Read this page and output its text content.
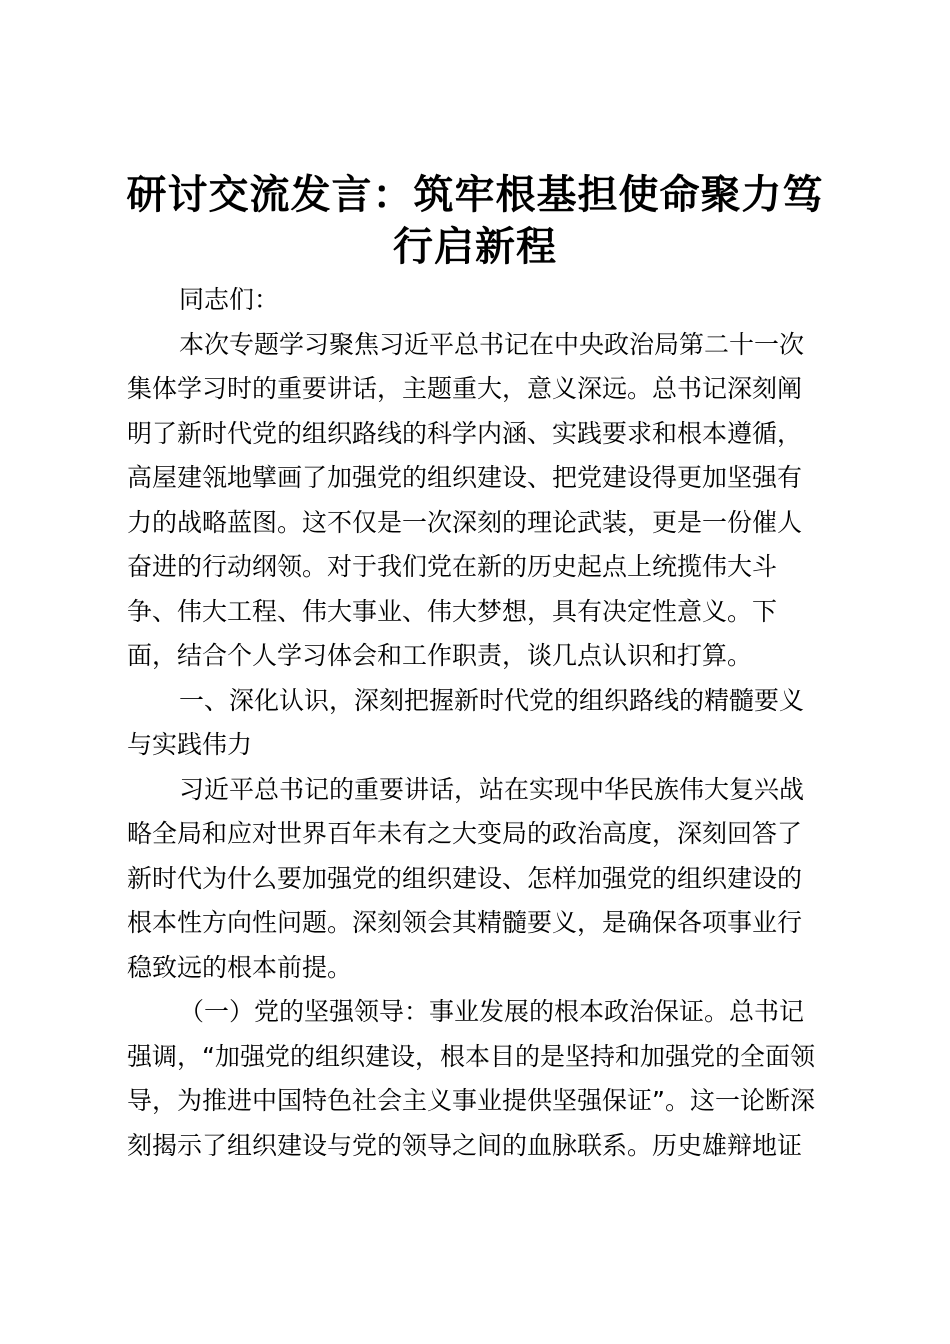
研讨交流发言：筑牢根基担使命聚力笃
行启新程
同志们：
本次专题学习聚焦习近平总书记在中央政治局第二十一次
集体学习时的重要讲话，主题重大，意义深远。总书记深刻阐
明了新时代党的组织路线的科学内涵、实践要求和根本遵循，
高屋建瓴地擘画了加强党的组织建设、把党建设得更加坚强有
力的战略蓝图。这不仅是一次深刻的理论武装，更是一份催人
奋进的行动纲领。对于我们党在新的历史起点上统揽伟大斗
争、伟大工程、伟大事业、伟大梦想，具有决定性意义。下
面，结合个人学习体会和工作职责，谈几点认识和打算。
一、深化认识，深刻把握新时代党的组织路线的精髓要义
与实践伟力
习近平总书记的重要讲话，站在实现中华民族伟大复兴战
略全局和应对世界百年未有之大变局的政治高度，深刻回答了
新时代为什么要加强党的组织建设、怎样加强党的组织建设的
根本性方向性问题。深刻领会其精髓要义，是确保各项事业行
稳致远的根本前提。
（一）党的坚强领导：事业发展的根本政治保证。总书记
强调，“加强党的组织建设，根本目的是坚持和加强党的全面领
导，为推进中国特色社会主义事业提供坚强保证”。这一论断深
刻揭示了组织建设与党的领导之间的血脉联系。历史雄辩地证
